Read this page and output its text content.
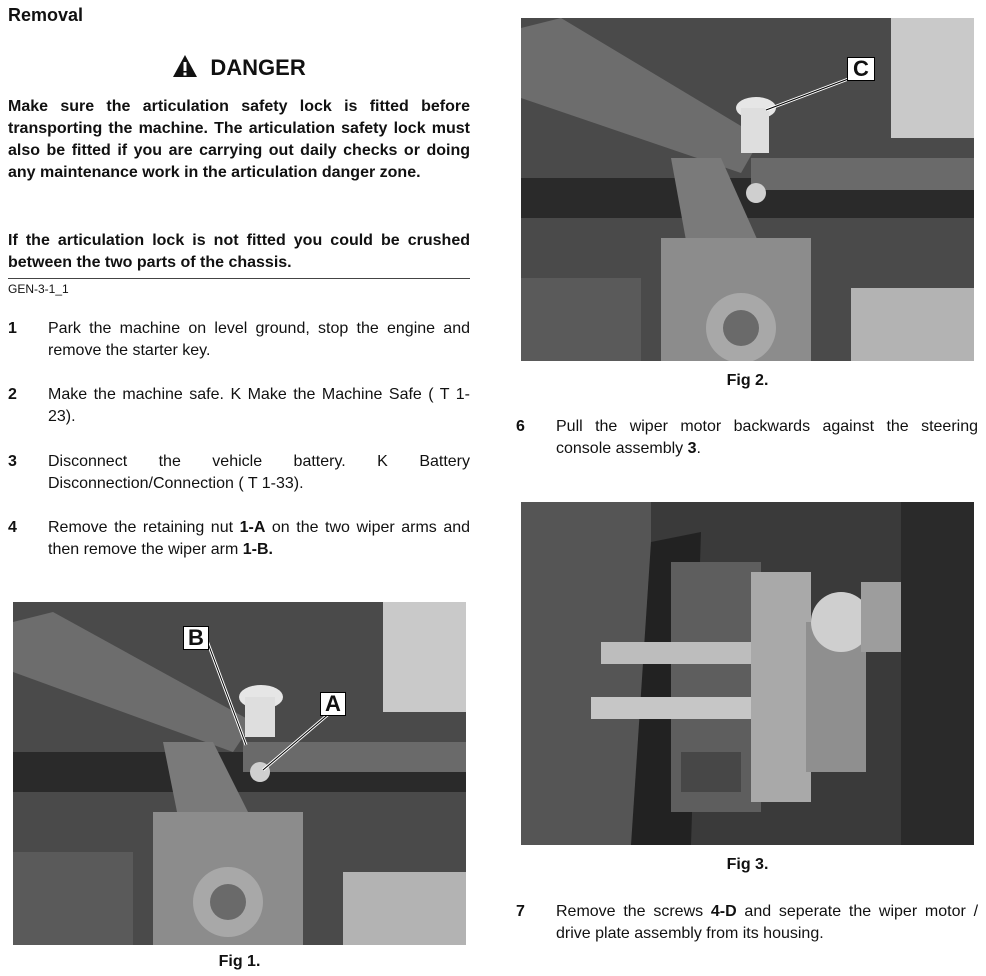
Removal
DANGER

Make sure the articulation safety lock is fitted before transporting the machine. The articulation safety lock must also be fitted if you are carrying out daily checks or doing any maintenance work in the articulation danger zone.

If the articulation lock is not fitted you could be crushed between the two parts of the chassis.

GEN-3-1_1
1 Park the machine on level ground, stop the engine and remove the starter key.
2 Make the machine safe. K Make the Machine Safe ( T 1-23).
3 Disconnect the vehicle battery. K Battery Disconnection/Connection ( T 1-33).
4 Remove the retaining nut 1-A on the two wiper arms and then remove the wiper arm 1-B.
B
A
Fig 1.
C
Fig 2.
6 Pull the wiper motor backwards against the steering console assembly 3.
Fig 3.
7 Remove the screws 4-D and seperate the wiper motor / drive plate assembly from its housing.
